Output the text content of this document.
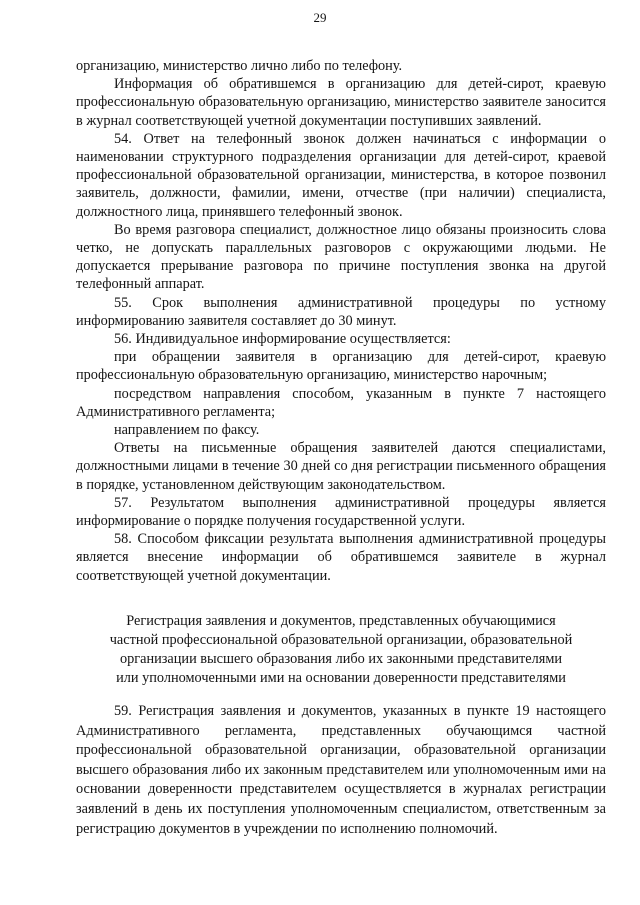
29

организацию, министерство лично либо по телефону.

Информация об обратившемся в организацию для детей-сирот, краевую профессиональную образовательную организацию, министерство заявителе заносится в журнал соответствующей учетной документации поступивших заявлений.

54. Ответ на телефонный звонок должен начинаться с информации о наименовании структурного подразделения организации для детей-сирот, краевой профессиональной образовательной организации, министерства, в которое позвонил заявитель, должности, фамилии, имени, отчестве (при наличии) специалиста, должностного лица, принявшего телефонный звонок.

Во время разговора специалист, должностное лицо обязаны произносить слова четко, не допускать параллельных разговоров с окружающими людьми. Не допускается прерывание разговора по причине поступления звонка на другой телефонный аппарат.

55. Срок выполнения административной процедуры по устному информированию заявителя составляет до 30 минут.

56. Индивидуальное информирование осуществляется:

при обращении заявителя в организацию для детей-сирот, краевую профессиональную образовательную организацию, министерство нарочным;

посредством направления способом, указанным в пункте 7 настоящего Административного регламента;

направлением по факсу.

Ответы на письменные обращения заявителей даются специалистами, должностными лицами в течение 30 дней со дня регистрации письменного обращения в порядке, установленном действующим законодательством.

57. Результатом выполнения административной процедуры является информирование о порядке получения государственной услуги.

58. Способом фиксации результата выполнения административной процедуры является внесение информации об обратившемся заявителе в журнал соответствующей учетной документации.

Регистрация заявления и документов, представленных обучающимися
частной профессиональной образовательной организации, образовательной
организации высшего образования либо их законными представителями
или уполномоченными ими на основании доверенности представителями

59. Регистрация заявления и документов, указанных в пункте 19 настоящего Административного регламента, представленных обучающимся частной профессиональной образовательной организации, образовательной организации высшего образования либо их законным представителем или уполномоченным ими на основании доверенности представителем осуществляется в журналах регистрации заявлений в день их поступления уполномоченным специалистом, ответственным за регистрацию документов в учреждении по исполнению полномочий.
